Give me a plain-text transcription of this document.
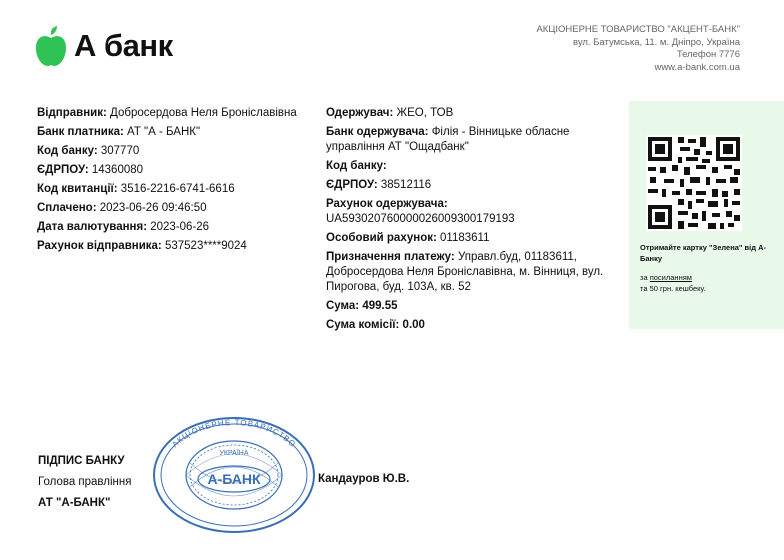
А банк	АКЦІОНЕРНЕ ТОВАРИСТВО "АКЦЕНТ-БАНК"
вул. Батумська, 11. м. Дніпро, Україна
Телефон 7776
www.a-bank.com.ua
Відправник: Добросердова Неля Броніславівна
Банк платника: АТ "А - БАНК"
Код банку: 307770
ЄДРПОУ: 14360080
Код квитанції: 3516-2216-6741-6616
Сплачено: 2023-06-26 09:46:50
Дата валютування: 2023-06-26
Рахунок відправника: 537523****9024
Одержувач: ЖЕО, ТОВ
Банк одержувача: Філія - Вінницьке обласне управління АТ "Ощадбанк"
Код банку:
ЄДРПОУ: 38512116
Рахунок одержувача:
UA593020760000026009300179193
Особовий рахунок: 01183611
Призначення платежу: Управл.буд, 01183611, Добросердова Неля Броніславівна, м. Вінниця, вул. Пирогова, буд. 103А, кв. 52
Сума: 499.55
Сума комісії: 0.00
Отримайте картку "Зелена" від А-Банку
за посиланням
та 50 грн. кешбеку.
ПІДПИС БАНКУ
Голова правління
АТ "А-БАНК"
А-БАНК
УКРАЇНА
АКЦІОНЕРНЕ ТОВАРИСТВО
Кандауров Ю.В.
